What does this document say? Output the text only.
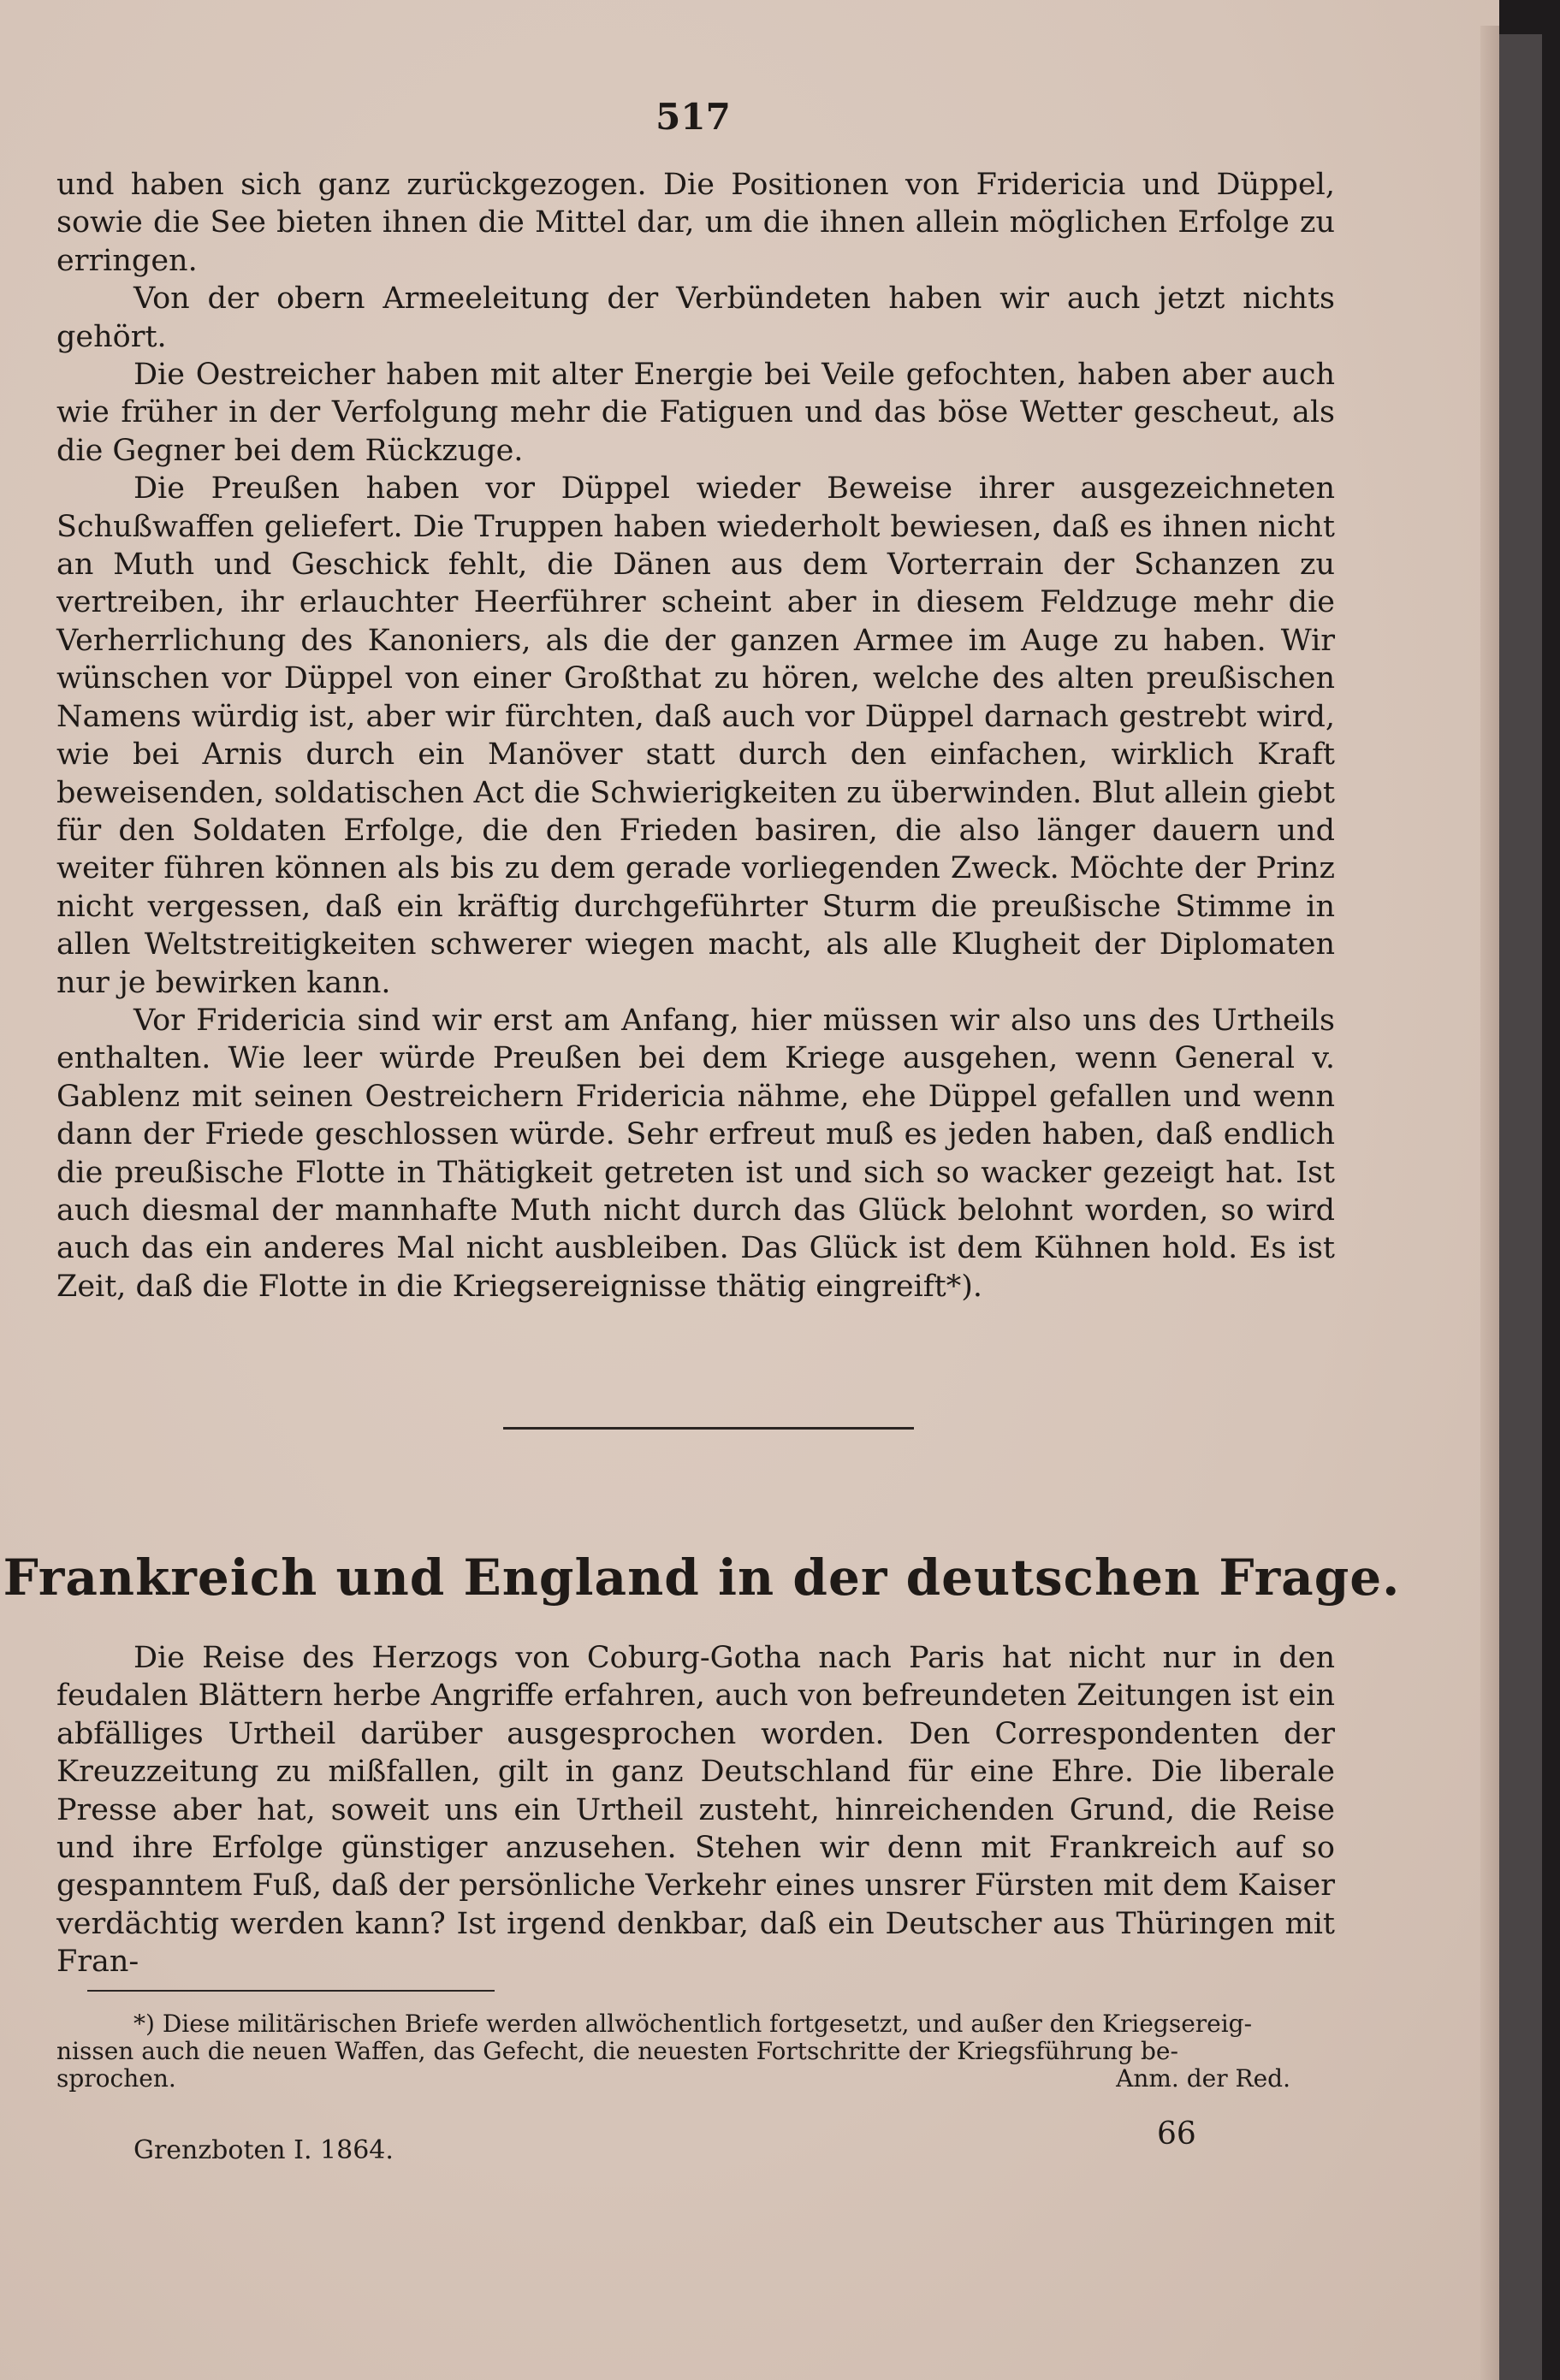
517

und haben sich ganz zurückgezogen. Die Positionen von Fridericia und Düppel, sowie die See bieten ihnen die Mittel dar, um die ihnen allein möglichen Erfolge zu erringen.

Von der obern Armeeleitung der Verbündeten haben wir auch jetzt nichts gehört.

Die Oestreicher haben mit alter Energie bei Veile gefochten, haben aber auch wie früher in der Verfolgung mehr die Fatiguen und das böse Wetter gescheut, als die Gegner bei dem Rückzuge.

Die Preußen haben vor Düppel wieder Beweise ihrer ausgezeichneten Schußwaffen geliefert. Die Truppen haben wiederholt bewiesen, daß es ihnen nicht an Muth und Geschick fehlt, die Dänen aus dem Vorterrain der Schanzen zu vertreiben, ihr erlauchter Heerführer scheint aber in diesem Feldzuge mehr die Verherrlichung des Kanoniers, als die der ganzen Armee im Auge zu haben. Wir wünschen vor Düppel von einer Großthat zu hören, welche des alten preußischen Namens würdig ist, aber wir fürchten, daß auch vor Düppel darnach gestrebt wird, wie bei Arnis durch ein Manöver statt durch den einfachen, wirklich Kraft beweisenden, soldatischen Act die Schwierigkeiten zu überwinden. Blut allein giebt für den Soldaten Erfolge, die den Frieden basiren, die also länger dauern und weiter führen können als bis zu dem gerade vorliegenden Zweck. Möchte der Prinz nicht vergessen, daß ein kräftig durchgeführter Sturm die preußische Stimme in allen Weltstreitigkeiten schwerer wiegen macht, als alle Klugheit der Diplomaten nur je bewirken kann.

Vor Fridericia sind wir erst am Anfang, hier müssen wir also uns des Urtheils enthalten. Wie leer würde Preußen bei dem Kriege ausgehen, wenn General v. Gablenz mit seinen Oestreichern Fridericia nähme, ehe Düppel gefallen und wenn dann der Friede geschlossen würde. Sehr erfreut muß es jeden haben, daß endlich die preußische Flotte in Thätigkeit getreten ist und sich so wacker gezeigt hat. Ist auch diesmal der mannhafte Muth nicht durch das Glück belohnt worden, so wird auch das ein anderes Mal nicht ausbleiben. Das Glück ist dem Kühnen hold. Es ist Zeit, daß die Flotte in die Kriegsereignisse thätig eingreift*).

Frankreich und England in der deutschen Frage.

Die Reise des Herzogs von Coburg-Gotha nach Paris hat nicht nur in den feudalen Blättern herbe Angriffe erfahren, auch von befreundeten Zeitungen ist ein abfälliges Urtheil darüber ausgesprochen worden. Den Correspondenten der Kreuzzeitung zu mißfallen, gilt in ganz Deutschland für eine Ehre. Die liberale Presse aber hat, soweit uns ein Urtheil zusteht, hinreichenden Grund, die Reise und ihre Erfolge günstiger anzusehen. Stehen wir denn mit Frankreich auf so gespanntem Fuß, daß der persönliche Verkehr eines unsrer Fürsten mit dem Kaiser verdächtig werden kann? Ist irgend denkbar, daß ein Deutscher aus Thüringen mit Fran-

*) Diese militärischen Briefe werden allwöchentlich fortgesetzt, und außer den Kriegsereig-
nissen auch die neuen Waffen, das Gefecht, die neuesten Fortschritte der Kriegsführung be-
sprochen.	Anm. der Red.
Grenzboten I. 1864.	66
